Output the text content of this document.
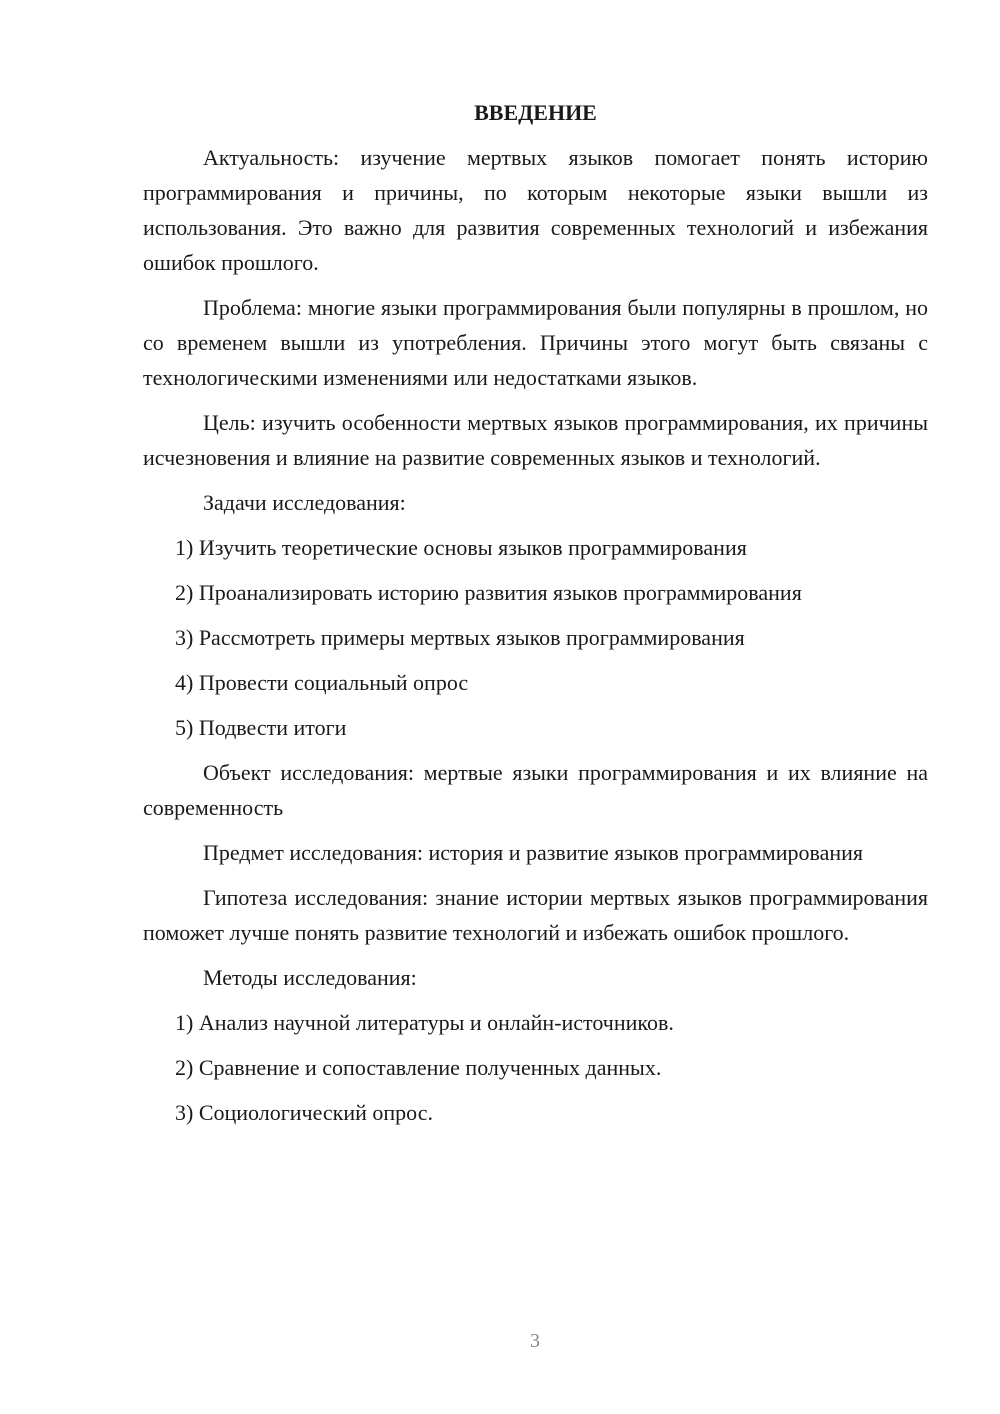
ВВЕДЕНИЕ

Актуальность: изучение мертвых языков помогает понять историю программирования и причины, по которым некоторые языки вышли из использования. Это важно для развития современных технологий и избежания ошибок прошлого.

Проблема: многие языки программирования были популярны в прошлом, но со временем вышли из употребления. Причины этого могут быть связаны с технологическими изменениями или недостатками языков.

Цель: изучить особенности мертвых языков программирования, их причины исчезновения и влияние на развитие современных языков и технологий.

Задачи исследования:

1) Изучить теоретические основы языков программирования

2) Проанализировать историю развития языков программирования

3) Рассмотреть примеры мертвых языков программирования

4) Провести социальный опрос

5) Подвести итоги

Объект исследования: мертвые языки программирования и их влияние на современность

Предмет исследования: история и развитие языков программирования

Гипотеза исследования: знание истории мертвых языков программирования поможет лучше понять развитие технологий и избежать ошибок прошлого.

Методы исследования:

1) Анализ научной литературы и онлайн-источников.

2) Сравнение и сопоставление полученных данных.

3) Социологический опрос.

3
